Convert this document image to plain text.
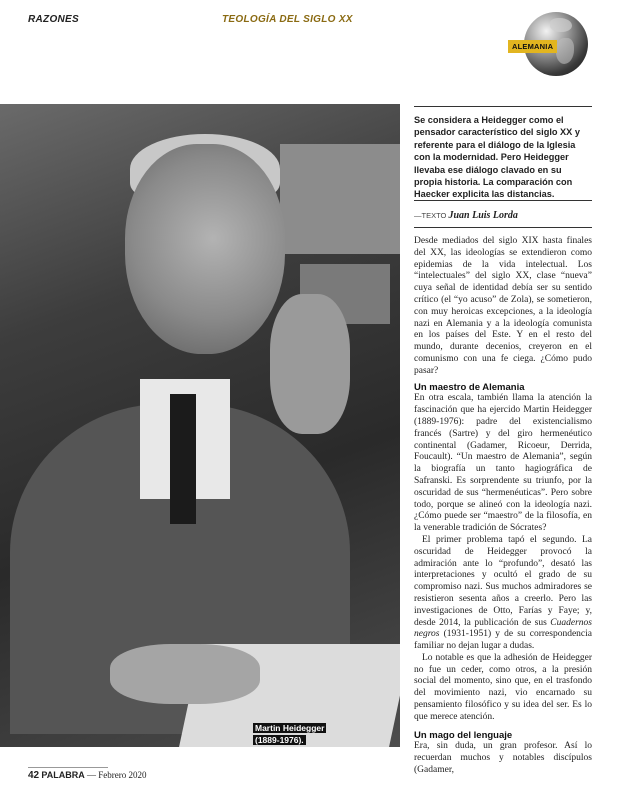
RAZONES	TEOLOGÍA DEL SIGLO XX
ALEMANIA
Martin Heidegger
(1889-1976).
Se considera a Heidegger como el pensador característico del siglo XX y referente para el diálogo de la Iglesia con la modernidad. Pero Heidegger llevaba ese diálogo clavado en su propia historia. La comparación con Haecker explicita las distancias.
—TEXTO Juan Luis Lorda

Desde mediados del siglo XIX hasta finales del XX, las ideologías se extendieron como epidemias de la vida intelectual. Los “intelectuales” del siglo XX, clase “nueva” cuya señal de identidad debía ser su sentido crítico (el “yo acuso” de Zola), se sometieron, con muy heroicas excepciones, a la ideología nazi en Alemania y a la ideología comunista en los países del Este. Y en el resto del mundo, durante decenios, creyeron en el comunismo con una fe ciega. ¿Cómo pudo pasar?

Un maestro de Alemania

En otra escala, también llama la atención la fascinación que ha ejercido Martin Heidegger (1889-1976): padre del existencialismo francés (Sartre) y del giro hermenéutico continental (Gadamer, Ricoeur, Derrida, Foucault). “Un maestro de Alemania”, según la biografía un tanto hagiográfica de Safranski. Es sorprendente su triunfo, por la oscuridad de sus “hermenéuticas”. Pero sobre todo, porque se alineó con la ideología nazi. ¿Cómo puede ser “maestro” de la filosofía, en la venerable tradición de Sócrates?

El primer problema tapó el segundo. La oscuridad de Heidegger provocó la admiración ante lo “profundo”, desató las interpretaciones y ocultó el grado de su compromiso nazi. Sus muchos admiradores se resistieron sesenta años a creerlo. Pero las investigaciones de Otto, Farías y Faye; y, desde 2014, la publicación de sus Cuadernos negros (1931-1951) y de su correspondencia familiar no dejan lugar a dudas.

Lo notable es que la adhesión de Heidegger no fue un ceder, como otros, a la presión social del momento, sino que, en el trasfondo del movimiento nazi, vio encarnado su pensamiento filosófico y su idea del ser. Es lo que merece atención.

Un mago del lenguaje

Era, sin duda, un gran profesor. Así lo recuerdan muchos y notables discípulos (Gadamer,

42 PALABRA — Febrero 2020
